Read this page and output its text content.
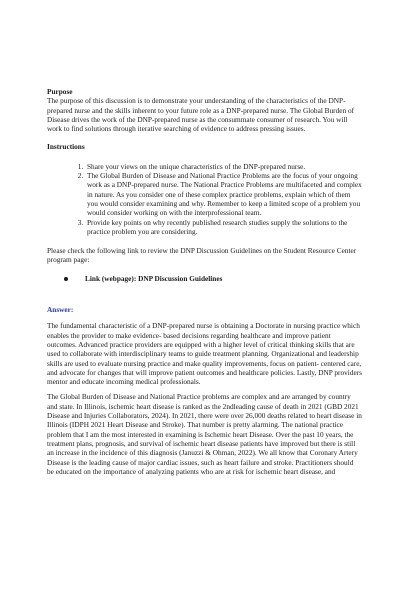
Purpose

The purpose of this discussion is to demonstrate your understanding of the characteristics of the DNP-prepared nurse and the skills inherent to your future role as a DNP-prepared nurse. The Global Burden of Disease drives the work of the DNP-prepared nurse as the consummate consumer of research. You will work to find solutions through iterative searching of evidence to address pressing issues.

Instructions

1. Share your views on the unique characteristics of the DNP-prepared nurse.
2. The Global Burden of Disease and National Practice Problems are the focus of your ongoing work as a DNP-prepared nurse. The National Practice Problems are multifaceted and complex in nature. As you consider one of these complex practice problems, explain which of them you would consider examining and why. Remember to keep a limited scope of a problem you would consider working on with the interprofessional team.
3. Provide key points on why recently published research studies supply the solutions to the practice problem you are considering.

Please check the following link to review the DNP Discussion Guidelines on the Student Resource Center program page:

Link (webpage): DNP Discussion Guidelines

Answer:

The fundamental characteristic of a DNP-prepared nurse is obtaining a Doctorate in nursing practice which enables the provider to make evidence- based decisions regarding healthcare and improve patient outcomes. Advanced practice providers are equipped with a higher level of critical thinking skills that are used to collaborate with interdisciplinary teams to guide treatment planning. Organizational and leadership skills are used to evaluate nursing practice and make quality improvements, focus on patient- centered care, and advocate for changes that will improve patient outcomes and healthcare policies. Lastly, DNP providers mentor and educate incoming medical professionals.

The Global Burden of Disease and National Practice problems are complex and are arranged by country and state. In Illinois, ischemic heart disease is ranked as the 2ndleading cause of death in 2021 (GBD 2021 Disease and Injuries Collaborators, 2024). In 2021, there were over 26,000 deaths related to heart disease in Illinois (IDPH 2021 Heart Disease and Stroke). That number is pretty alarming. The national practice problem that I am the most interested in examining is Ischemic heart Disease. Over the past 10 years, the treatment plans, prognosis, and survival of ischemic heart disease patients have improved but there is still an increase in the incidence of this diagnosis (Januzzi & Ohman, 2022). We all know that Coronary Artery Disease is the leading cause of major cardiac issues, such as heart failure and stroke. Practitioners should be educated on the importance of analyzing patients who are at risk for ischemic heart disease, and
